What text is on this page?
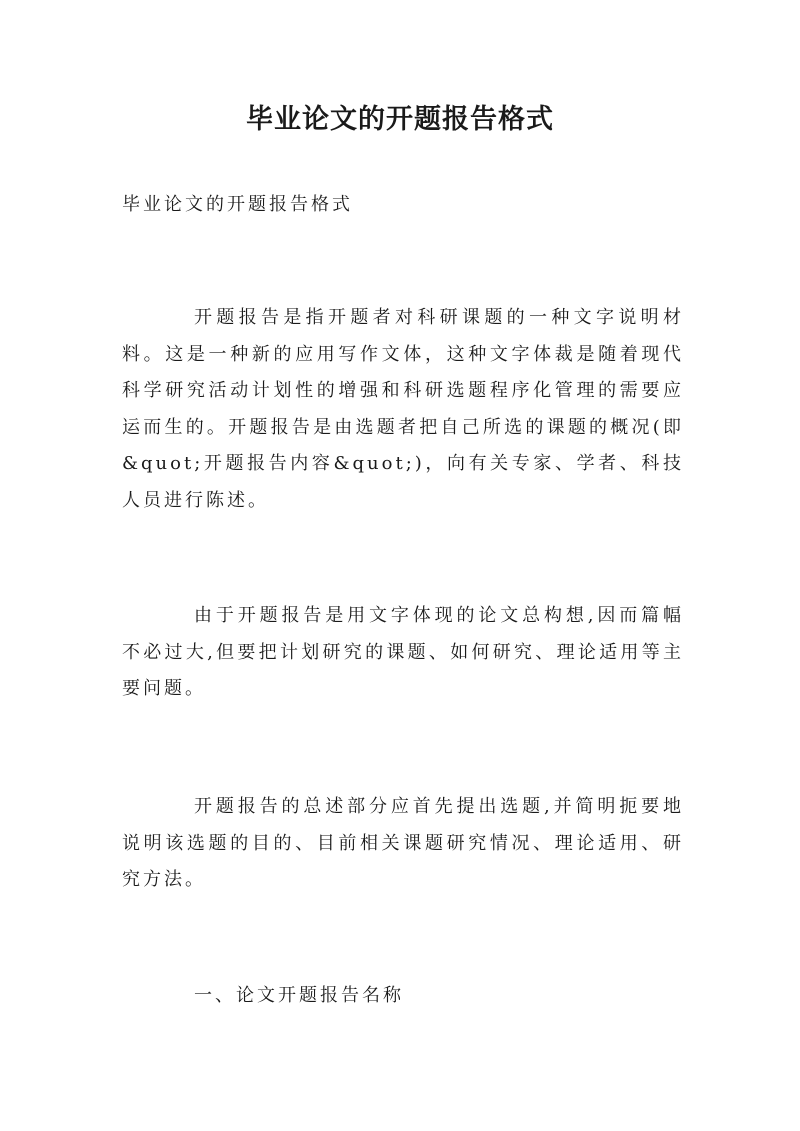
毕业论文的开题报告格式

毕业论文的开题报告格式

开题报告是指开题者对科研课题的一种文字说明材料。这是一种新的应用写作文体，这种文字体裁是随着现代科学研究活动计划性的增强和科研选题程序化管理的需要应运而生的。开题报告是由选题者把自己所选的课题的概况(即&quot;开题报告内容&quot;)，向有关专家、学者、科技人员进行陈述。

由于开题报告是用文字体现的论文总构想,因而篇幅不必过大,但要把计划研究的课题、如何研究、理论适用等主要问题。

开题报告的总述部分应首先提出选题,并简明扼要地说明该选题的目的、目前相关课题研究情况、理论适用、研究方法。

一、论文开题报告名称
